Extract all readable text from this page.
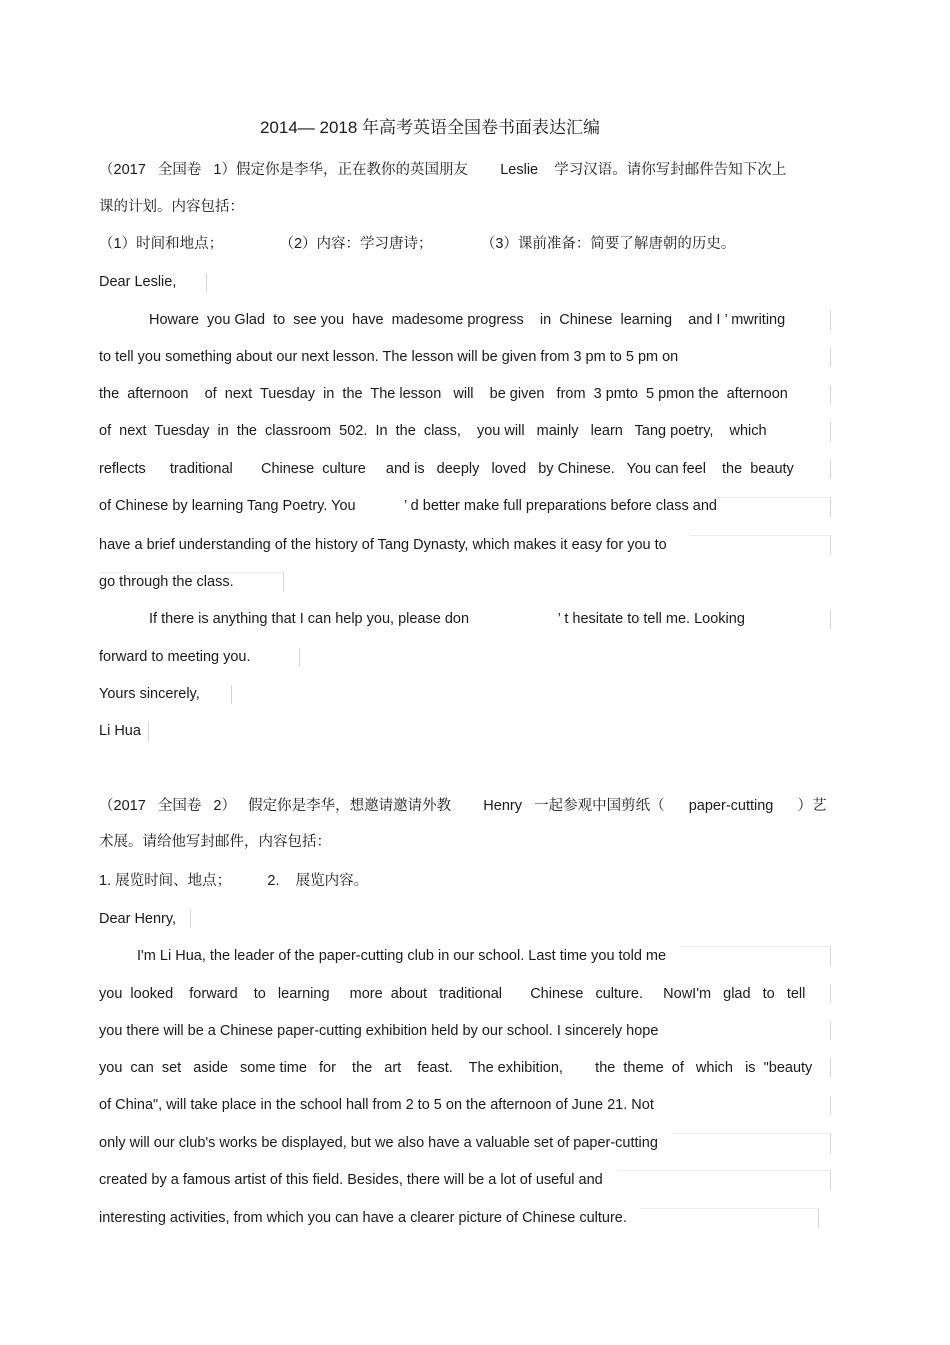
2014— 2018 年高考英语全国卷书面表达汇编
（2017   全国卷   1）假定你是李华，正在教你的英国朋友        Leslie    学习汉语。请你写封邮件告知下次上
课的计划。内容包括：
（1）时间和地点；              （2）内容：学习唐诗；            （3）课前准备：简要了解唐朝的历史。
Dear Leslie,
Howare  you Glad  to  see you  have  madesome progress    in  Chinese  learning    and I ’ mwriting
to tell you something about our next lesson. The lesson will be given from 3 pm to 5 pm on
the  afternoon    of  next  Tuesday  in  the  The lesson   will    be given   from  3 pmto  5 pmon the  afternoon
of  next  Tuesday  in  the  classroom  502.  In  the  class,    you will   mainly   learn   Tang poetry,    which
reflects      traditional       Chinese  culture     and is   deeply   loved   by Chinese.   You can feel    the  beauty
of Chinese by learning Tang Poetry. You            ’ d better make full preparations before class and
have a brief understanding of the history of Tang Dynasty, which makes it easy for you to
go through the class.
If there is anything that I can help you, please don                      ’ t hesitate to tell me. Looking
forward to meeting you.
Yours sincerely,
Li Hua
（2017   全国卷   2）   假定你是李华，想邀请邀请外教        Henry   一起参观中国剪纸（      paper-cutting      ）艺
术展。请给他写封邮件，内容包括：
1. 展览时间、地点；         2.    展览内容。
Dear Henry,
I'm Li Hua, the leader of the paper-cutting club in our school. Last time you told me
you  looked    forward    to   learning     more  about   traditional       Chinese   culture.     NowI'm   glad   to   tell
you there will be a Chinese paper-cutting exhibition held by our school. I sincerely hope
you  can  set   aside   some time   for    the   art    feast.    The exhibition,        the  theme  of   which   is  "beauty
of China", will take place in the school hall from 2 to 5 on the afternoon of June 21. Not
only will our club's works be displayed, but we also have a valuable set of paper-cutting
created by a famous artist of this field. Besides, there will be a lot of useful and
interesting activities, from which you can have a clearer picture of Chinese culture.
